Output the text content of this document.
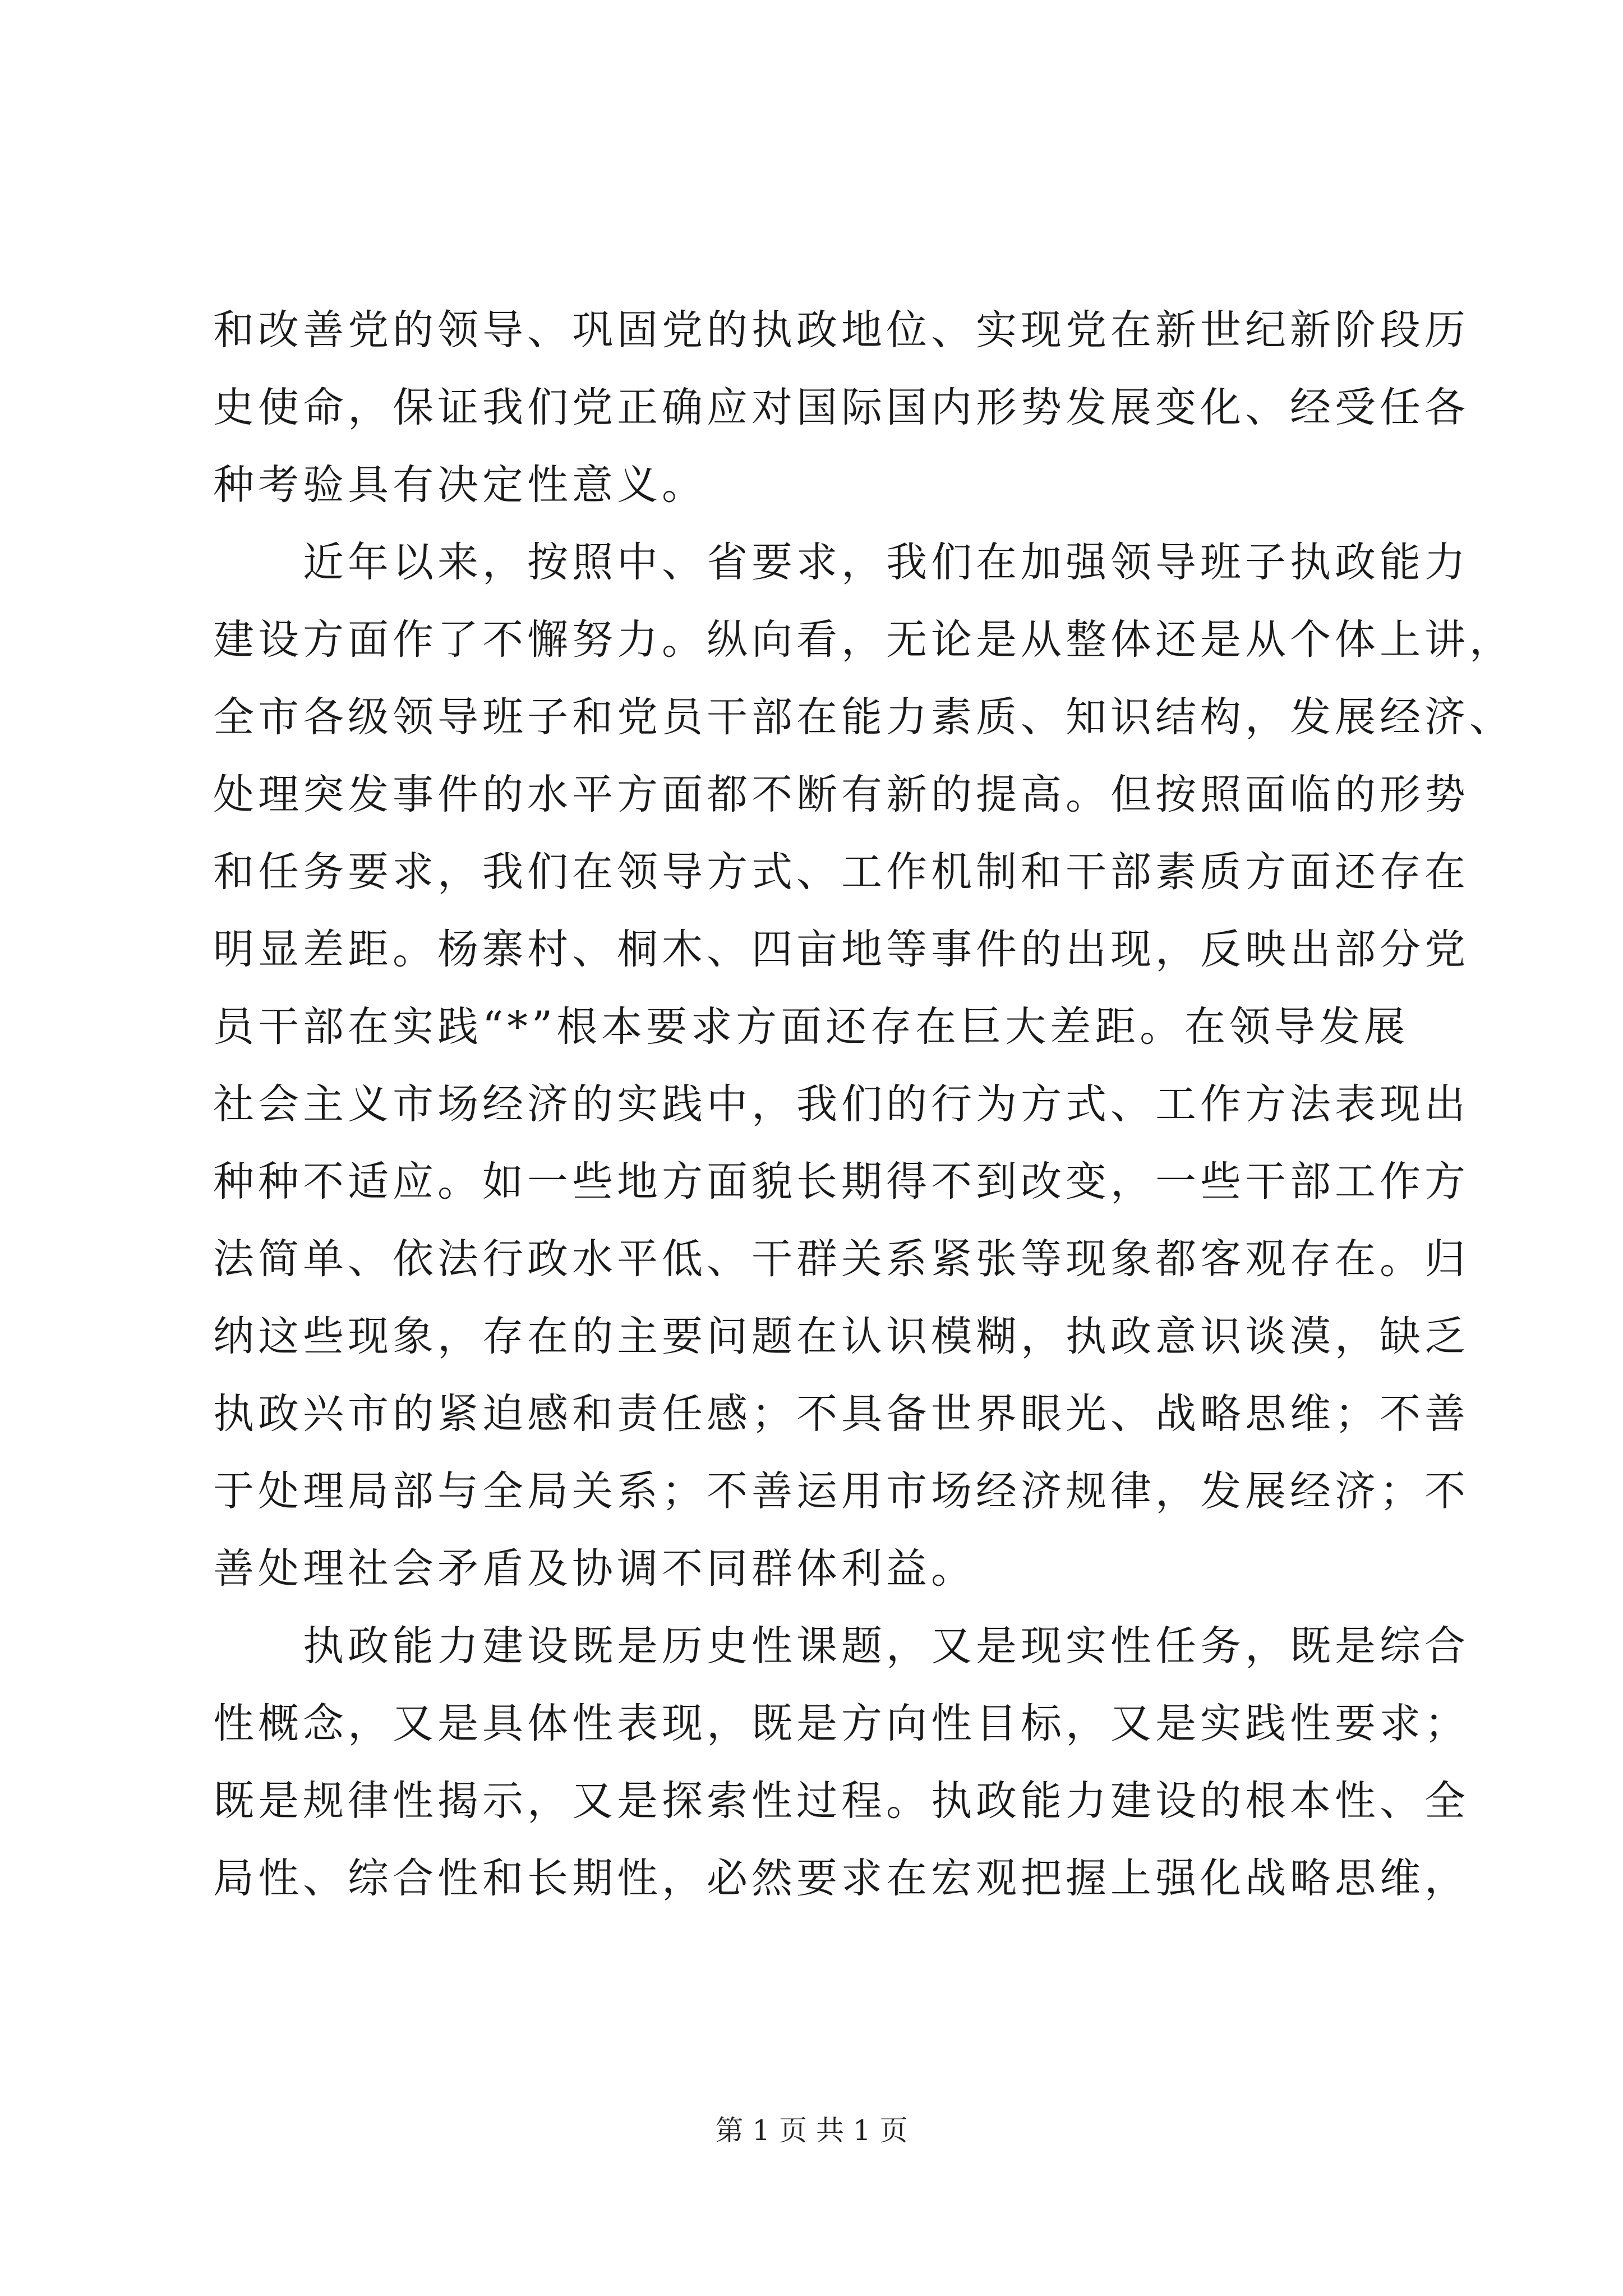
和改善党的领导、巩固党的执政地位、实现党在新世纪新阶段历
史使命，保证我们党正确应对国际国内形势发展变化、经受任各
种考验具有决定性意义。
　　近年以来，按照中、省要求，我们在加强领导班子执政能力
建设方面作了不懈努力。纵向看，无论是从整体还是从个体上讲，
全市各级领导班子和党员干部在能力素质、知识结构，发展经济、
处理突发事件的水平方面都不断有新的提高。但按照面临的形势
和任务要求，我们在领导方式、工作机制和干部素质方面还存在
明显差距。杨寨村、桐木、四亩地等事件的出现，反映出部分党
员干部在实践“*”根本要求方面还存在巨大差距。在领导发展
社会主义市场经济的实践中，我们的行为方式、工作方法表现出
种种不适应。如一些地方面貌长期得不到改变，一些干部工作方
法简单、依法行政水平低、干群关系紧张等现象都客观存在。归
纳这些现象，存在的主要问题在认识模糊，执政意识谈漠，缺乏
执政兴市的紧迫感和责任感；不具备世界眼光、战略思维；不善
于处理局部与全局关系；不善运用市场经济规律，发展经济；不
善处理社会矛盾及协调不同群体利益。
　　执政能力建设既是历史性课题，又是现实性任务，既是综合
性概念，又是具体性表现，既是方向性目标，又是实践性要求；
既是规律性揭示，又是探索性过程。执政能力建设的根本性、全
局性、综合性和长期性，必然要求在宏观把握上强化战略思维，
第 1 页 共 1 页
